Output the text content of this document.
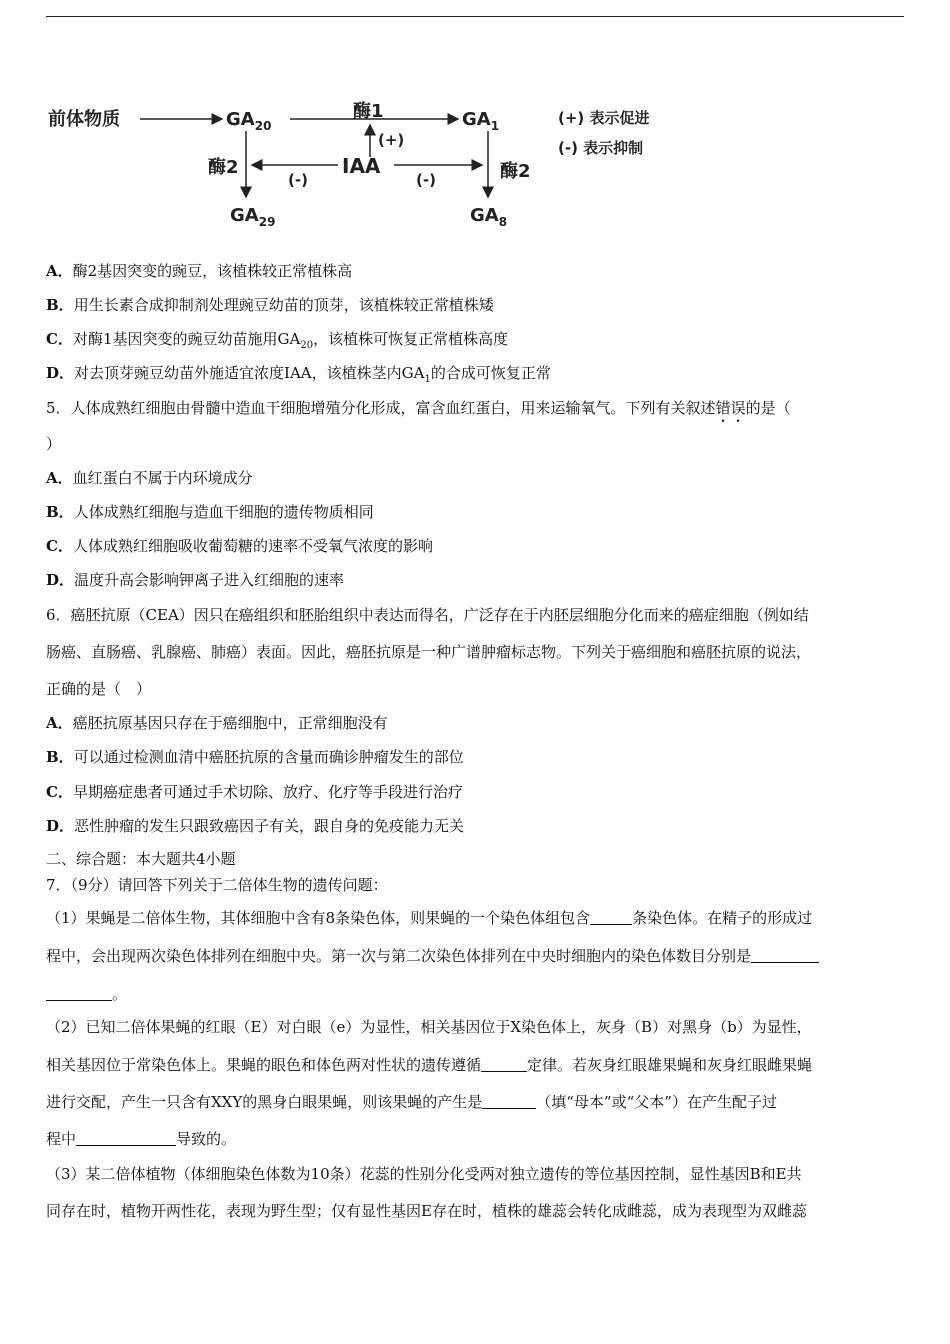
前体物质	$GA_{20}$
酶1	$GA_1$
(+)
酶2
(-)
IAA
(-)	酶2
$GA_{29}$	$GA_8$
(+) 表示促进
(-) 表示抑制
A．酶2基因突变的豌豆，该植株较正常植株高
B．用生长素合成抑制剂处理豌豆幼苗的顶芽，该植株较正常植株矮
C．对酶1基因突变的豌豆幼苗施用$GA_{20}$，该植株可恢复正常植株高度
D．对去顶芽豌豆幼苗外施适宜浓度IAA，该植株茎内$GA_1$的合成可恢复正常
5．人体成熟红细胞由骨髓中造血干细胞增殖分化形成，富含血红蛋白，用来运输氧气。下列有关叙述错误的是（
）
A．血红蛋白不属于内环境成分
B．人体成熟红细胞与造血干细胞的遗传物质相同
C．人体成熟红细胞吸收葡萄糖的速率不受氧气浓度的影响
D．温度升高会影响钾离子进入红细胞的速率
6．癌胚抗原（CEA）因只在癌组织和胚胎组织中表达而得名，广泛存在于内胚层细胞分化而来的癌症细胞（例如结
肠癌、直肠癌、乳腺癌、肺癌）表面。因此，癌胚抗原是一种广谱肿瘤标志物。下列关于癌细胞和癌胚抗原的说法，
正确的是（　）
A．癌胚抗原基因只存在于癌细胞中，正常细胞没有
B．可以通过检测血清中癌胚抗原的含量而确诊肿瘤发生的部位
C．早期癌症患者可通过手术切除、放疗、化疗等手段进行治疗
D．恶性肿瘤的发生只跟致癌因子有关，跟自身的免疫能力无关
二、综合题：本大题共4小题
7．（9分）请回答下列关于二倍体生物的遗传问题：
（1）果蝇是二倍体生物，其体细胞中含有8条染色体，则果蝇的一个染色体组包含	条染色体。在精子的形成过
程中，会出现两次染色体排列在细胞中央。第一次与第二次染色体排列在中央时细胞内的染色体数目分别是
。
（2）已知二倍体果蝇的红眼（E）对白眼（e）为显性，相关基因位于X染色体上，灰身（B）对黑身（b）为显性，
相关基因位于常染色体上。果蝇的眼色和体色两对性状的遗传遵循	定律。若灰身红眼雄果蝇和灰身红眼雌果蝇
进行交配，产生一只含有XXY的黑身白眼果蝇，则该果蝇的产生是	（填“母本”或“父本”）在产生配子过
程中	导致的。
（3）某二倍体植物（体细胞染色体数为10条）花蕊的性别分化受两对独立遗传的等位基因控制，显性基因B和E共
同存在时，植物开两性花，表现为野生型；仅有显性基因E存在时，植株的雄蕊会转化成雌蕊，成为表现型为双雌蕊
